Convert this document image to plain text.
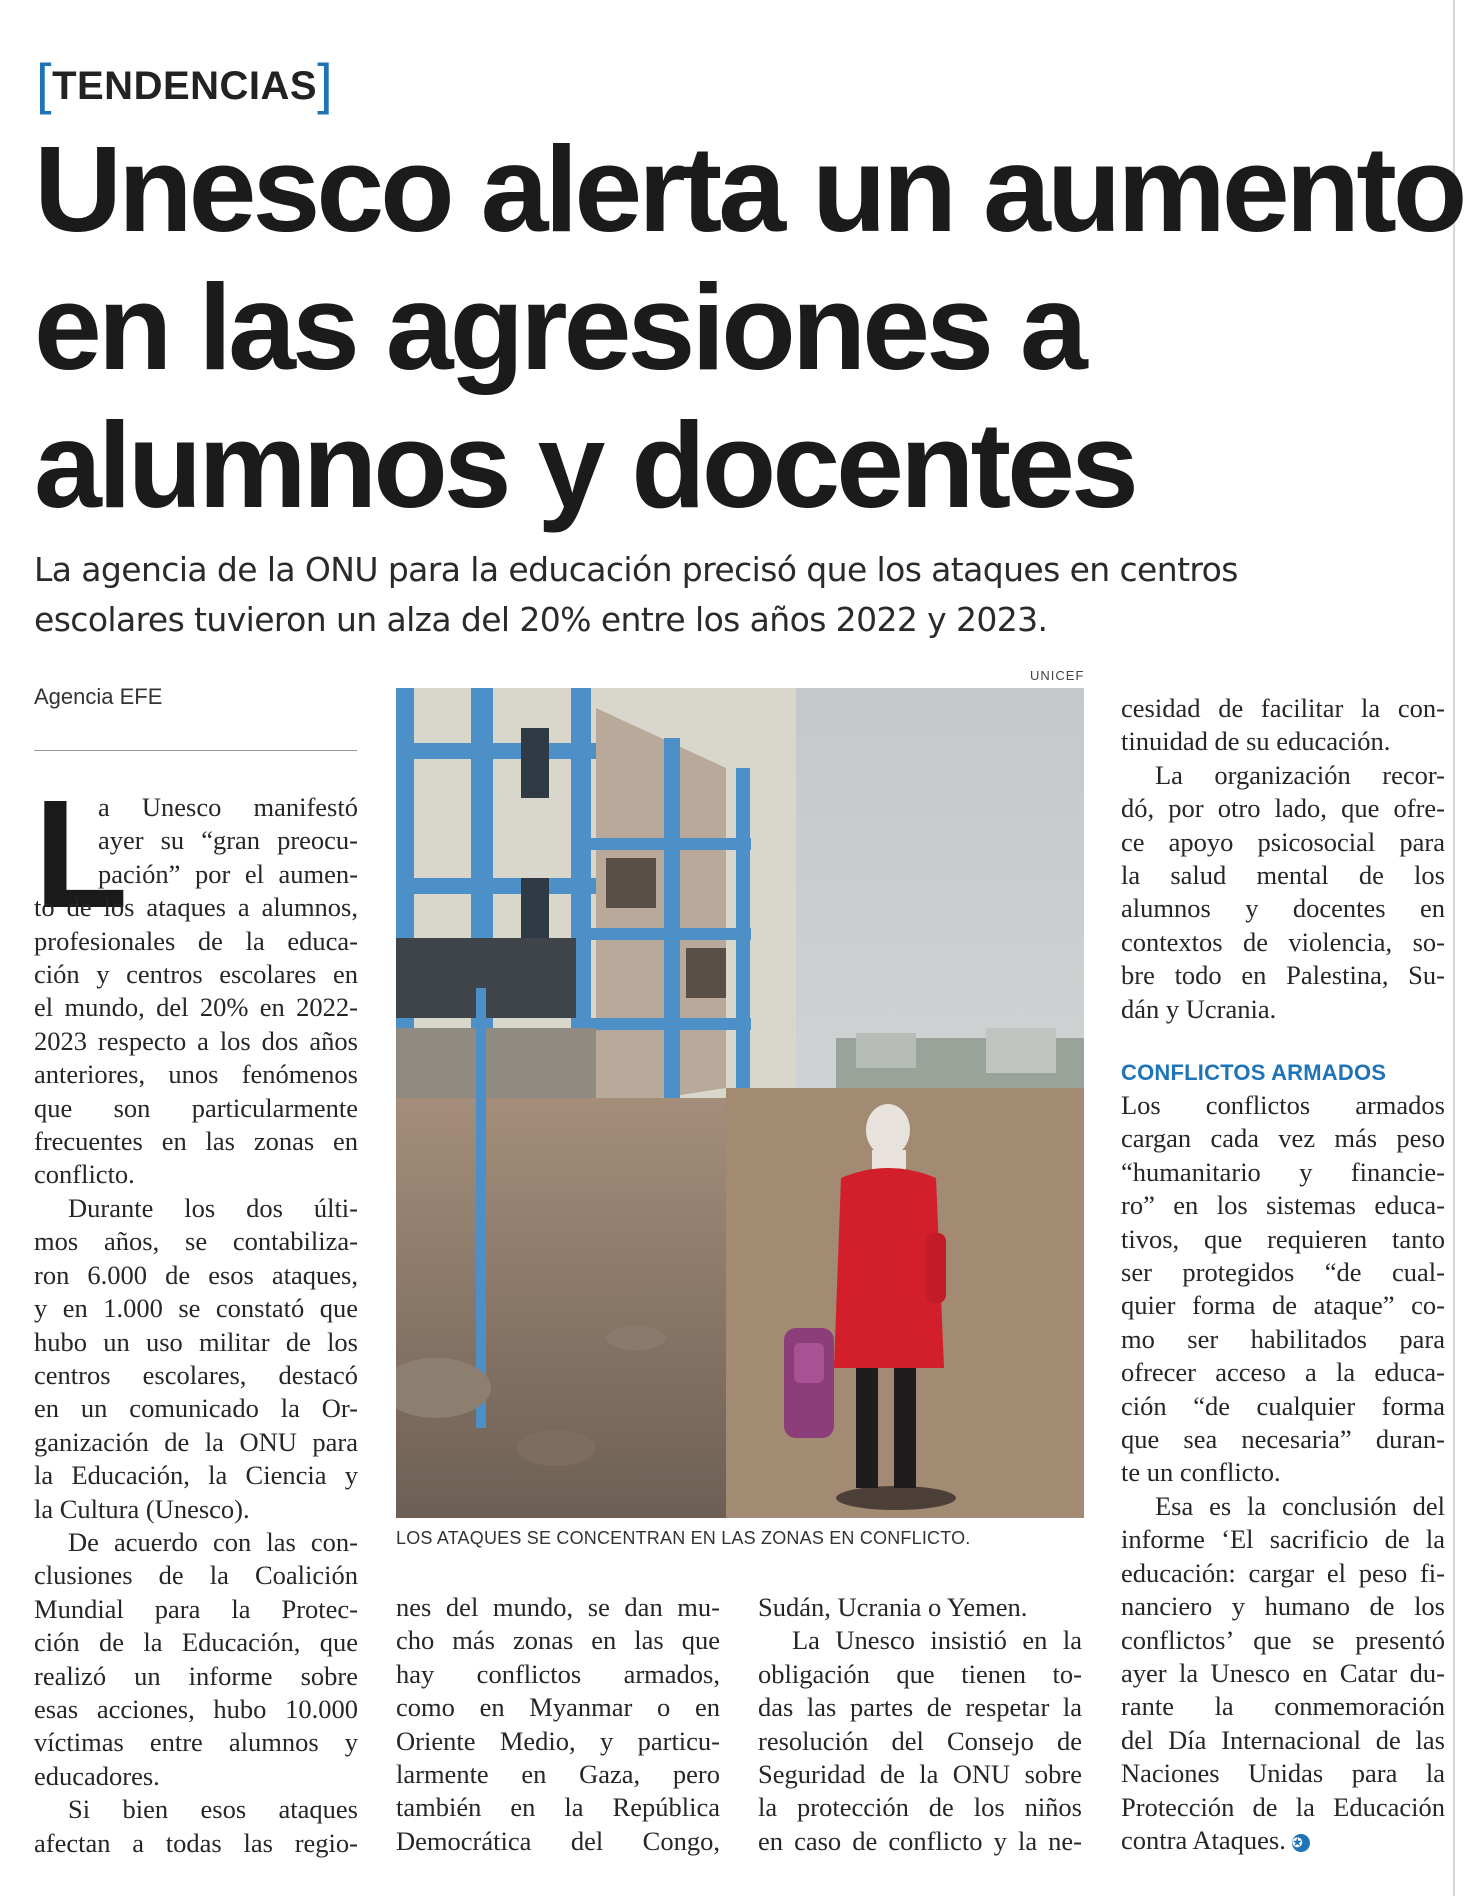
[TENDENCIAS]
Unesco alerta un aumento
en las agresiones a
alumnos y docentes

La agencia de la ONU para la educación precisó que los ataques en centros
escolares tuvieron un alza del 20% entre los años 2022 y 2023.

Agencia EFE
UNICEF
LOS ATAQUES SE CONCENTRAN EN LAS ZONAS EN CONFLICTO.
L
a Unesco manifestó
ayer su “gran preocu-
pación” por el aumen-
to de los ataques a alumnos,
profesionales de la educa-
ción y centros escolares en
el mundo, del 20% en 2022-
2023 respecto a los dos años
anteriores, unos fenómenos
que son particularmente
frecuentes en las zonas en
conflicto.
Durante los dos últi-
mos años, se contabiliza-
ron 6.000 de esos ataques,
y en 1.000 se constató que
hubo un uso militar de los
centros escolares, destacó
en un comunicado la Or-
ganización de la ONU para
la Educación, la Ciencia y
la Cultura (Unesco).
De acuerdo con las con-
clusiones de la Coalición
Mundial para la Protec-
ción de la Educación, que
realizó un informe sobre
esas acciones, hubo 10.000
víctimas entre alumnos y
educadores.
Si bien esos ataques
afectan a todas las regio-
nes del mundo, se dan mu-
cho más zonas en las que
hay conflictos armados,
como en Myanmar o en
Oriente Medio, y particu-
larmente en Gaza, pero
también en la República
Democrática del Congo,
Sudán, Ucrania o Yemen.
La Unesco insistió en la
obligación que tienen to-
das las partes de respetar la
resolución del Consejo de
Seguridad de la ONU sobre
la protección de los niños
en caso de conflicto y la ne-
cesidad de facilitar la con-
tinuidad de su educación.
La organización recor-
dó, por otro lado, que ofre-
ce apoyo psicosocial para
la salud mental de los
alumnos y docentes en
contextos de violencia, so-
bre todo en Palestina, Su-
dán y Ucrania.
CONFLICTOS ARMADOS
Los conflictos armados
cargan cada vez más peso
“humanitario y financie-
ro” en los sistemas educa-
tivos, que requieren tanto
ser protegidos “de cual-
quier forma de ataque” co-
mo ser habilitados para
ofrecer acceso a la educa-
ción “de cualquier forma
que sea necesaria” duran-
te un conflicto.
Esa es la conclusión del
informe ‘El sacrificio de la
educación: cargar el peso fi-
nanciero y humano de los
conflictos’ que se presentó
ayer la Unesco en Catar du-
rante la conmemoración
del Día Internacional de las
Naciones Unidas para la
Protección de la Educación
contra Ataques. ✪
